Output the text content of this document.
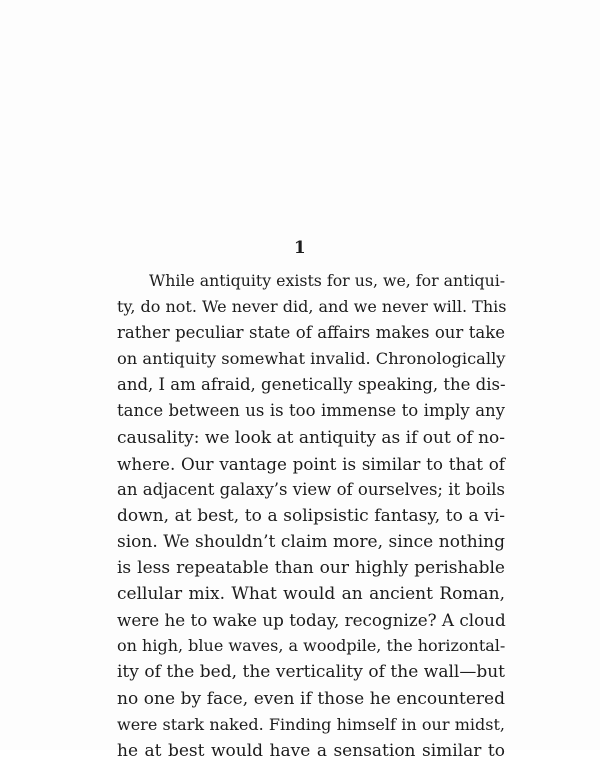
1
While antiquity exists for us, we, for antiqui-
ty, do not. We never did, and we never will. This
rather peculiar state of affairs makes our take
on antiquity somewhat invalid. Chronologically
and, I am afraid, genetically speaking, the dis-
tance between us is too immense to imply any
causality: we look at antiquity as if out of no-
where. Our vantage point is similar to that of
an adjacent galaxy’s view of ourselves; it boils
down, at best, to a solipsistic fantasy, to a vi-
sion. We shouldn’t claim more, since nothing
is less repeatable than our highly perishable
cellular mix. What would an ancient Roman,
were he to wake up today, recognize? A cloud
on high, blue waves, a woodpile, the horizontal-
ity of the bed, the verticality of the wall—but
no one by face, even if those he encountered
were stark naked. Finding himself in our midst,
he at best would have a sensation similar to
